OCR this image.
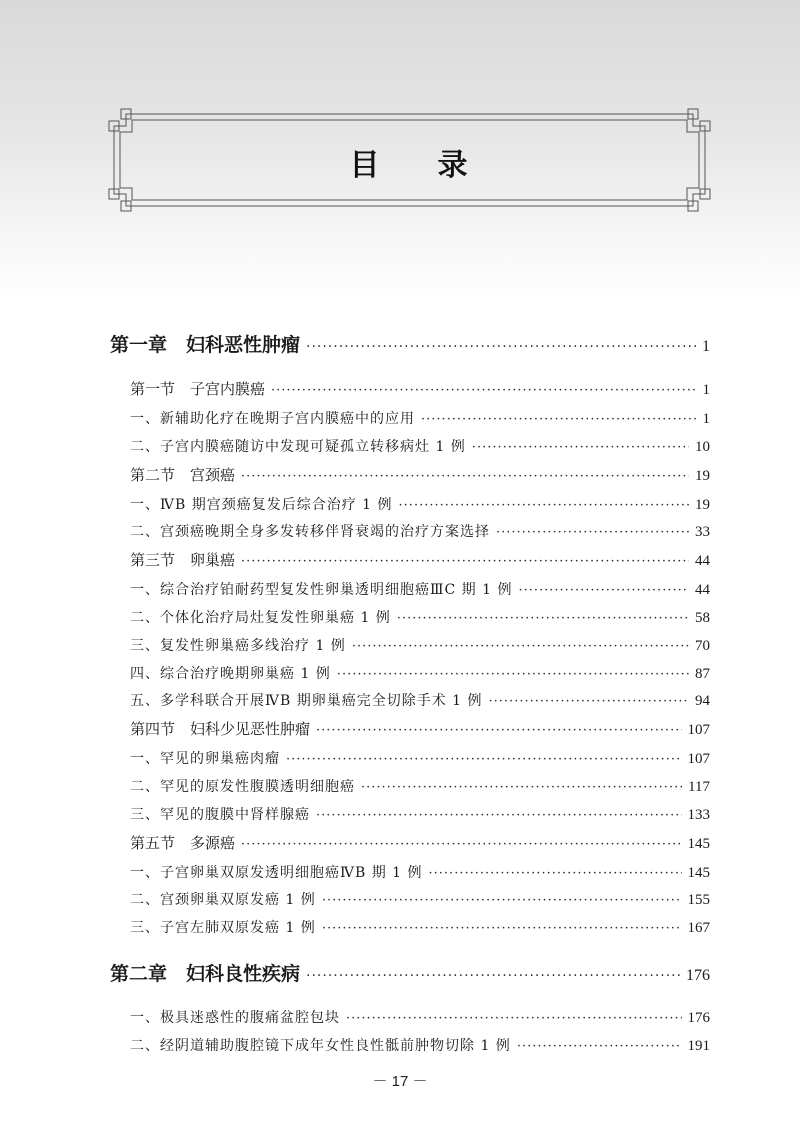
目 录
第一章　妇科恶性肿瘤 ·····	1
第一节　子宫内膜癌 ·····	1
一、新辅助化疗在晚期子宫内膜癌中的应用 ·····	1
二、子宫内膜癌随访中发现可疑孤立转移病灶 1 例 ·····	10
第二节　宫颈癌 ·····	19
一、ⅣB 期宫颈癌复发后综合治疗 1 例 ·····	19
二、宫颈癌晚期全身多发转移伴肾衰竭的治疗方案选择 ·····	33
第三节　卵巢癌 ·····	44
一、综合治疗铂耐药型复发性卵巢透明细胞癌ⅢC 期 1 例 ·····	44
二、个体化治疗局灶复发性卵巢癌 1 例 ·····	58
三、复发性卵巢癌多线治疗 1 例 ·····	70
四、综合治疗晚期卵巢癌 1 例 ·····	87
五、多学科联合开展ⅣB 期卵巢癌完全切除手术 1 例 ·····	94
第四节　妇科少见恶性肿瘤 ·····	107
一、罕见的卵巢癌肉瘤 ·····	107
二、罕见的原发性腹膜透明细胞癌 ·····	117
三、罕见的腹膜中肾样腺癌 ·····	133
第五节　多源癌 ·····	145
一、子宫卵巢双原发透明细胞癌ⅣB 期 1 例 ·····	145
二、宫颈卵巢双原发癌 1 例 ·····	155
三、子宫左肺双原发癌 1 例 ·····	167
第二章　妇科良性疾病 ·····	176
一、极具迷惑性的腹痛盆腔包块 ·····	176
二、经阴道辅助腹腔镜下成年女性良性骶前肿物切除 1 例 ·····	191
－ 17 －
